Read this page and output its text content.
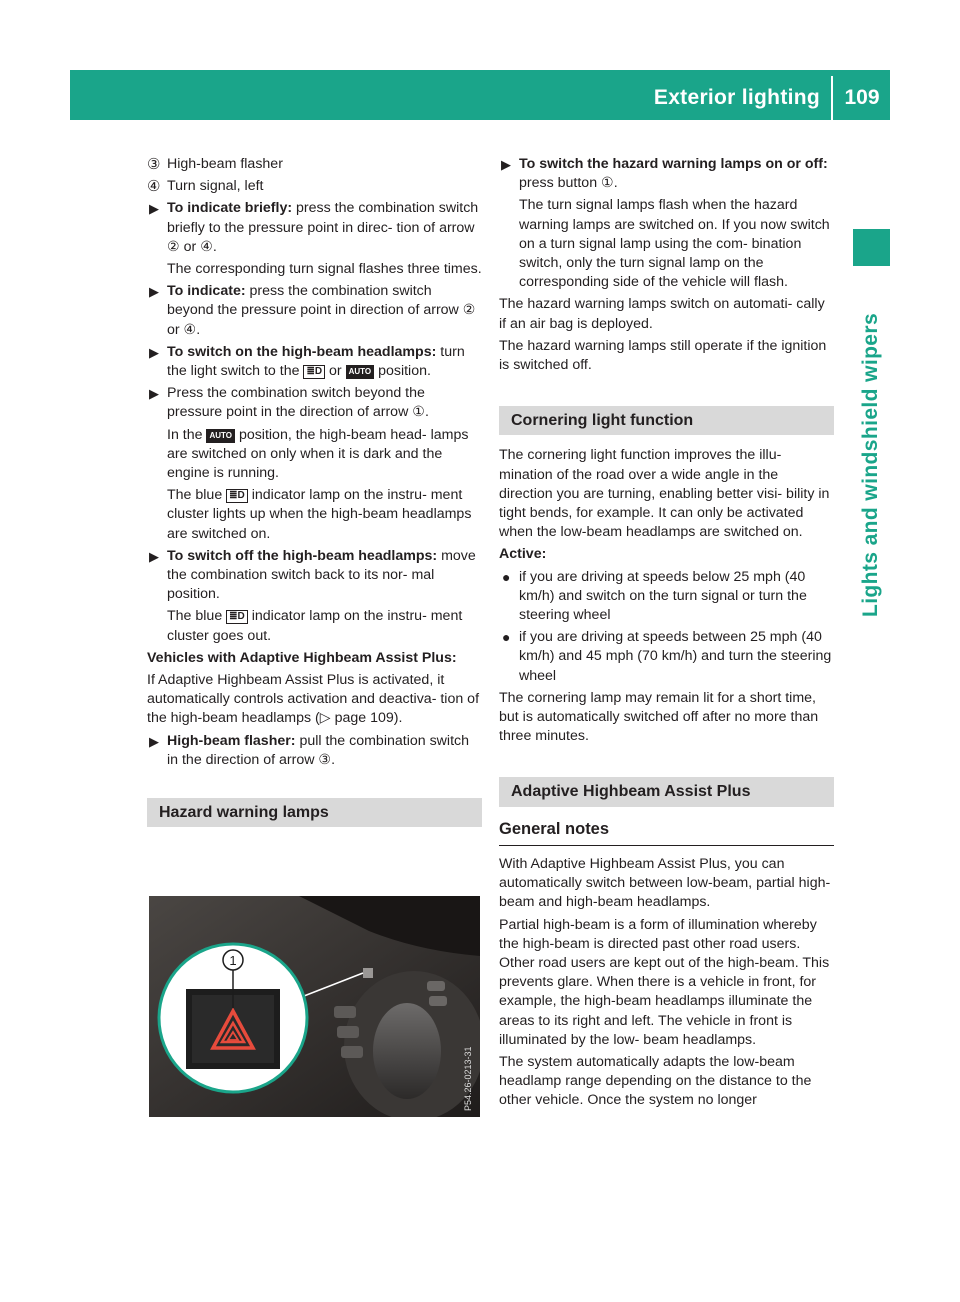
Exterior lighting 109
Lights and windshield wipers
③ High-beam flasher
④ Turn signal, left
▶ To indicate briefly: press the combination switch briefly to the pressure point in direc- tion of arrow ② or ④.
The corresponding turn signal flashes three times.
▶ To indicate: press the combination switch beyond the pressure point in direction of arrow ② or ④.
▶ To switch on the high-beam headlamps: turn the light switch to the ≣D or AUTO position.
▶ Press the combination switch beyond the pressure point in the direction of arrow ①.
In the AUTO position, the high-beam head- lamps are switched on only when it is dark and the engine is running.
The blue ≣D indicator lamp on the instru- ment cluster lights up when the high-beam headlamps are switched on.
▶ To switch off the high-beam headlamps: move the combination switch back to its nor- mal position.
The blue ≣D indicator lamp on the instru- ment cluster goes out.

Vehicles with Adaptive Highbeam Assist Plus:

If Adaptive Highbeam Assist Plus is activated, it automatically controls activation and deactiva- tion of the high-beam headlamps (▷ page 109).

▶ High-beam flasher: pull the combination switch in the direction of arrow ③.

Hazard warning lamps

1
P54.26-0213-31
▶ To switch the hazard warning lamps on or off: press button ①.
The turn signal lamps flash when the hazard warning lamps are switched on. If you now switch on a turn signal lamp using the com- bination switch, only the turn signal lamp on the corresponding side of the vehicle will flash.

The hazard warning lamps switch on automati- cally if an air bag is deployed.

The hazard warning lamps still operate if the ignition is switched off.

Cornering light function

The cornering light function improves the illu- mination of the road over a wide angle in the direction you are turning, enabling better visi- bility in tight bends, for example. It can only be activated when the low-beam headlamps are switched on.

Active:

● if you are driving at speeds below 25 mph (40 km/h) and switch on the turn signal or turn the steering wheel
● if you are driving at speeds between 25 mph (40 km/h) and 45 mph (70 km/h) and turn the steering wheel

The cornering lamp may remain lit for a short time, but is automatically switched off after no more than three minutes.

Adaptive Highbeam Assist Plus

General notes

With Adaptive Highbeam Assist Plus, you can automatically switch between low-beam, partial high-beam and high-beam headlamps.

Partial high-beam is a form of illumination whereby the high-beam is directed past other road users. Other road users are kept out of the high-beam. This prevents glare. When there is a vehicle in front, for example, the high-beam headlamps illuminate the areas to its right and left. The vehicle in front is illuminated by the low- beam headlamps.

The system automatically adapts the low-beam headlamp range depending on the distance to the other vehicle. Once the system no longer
